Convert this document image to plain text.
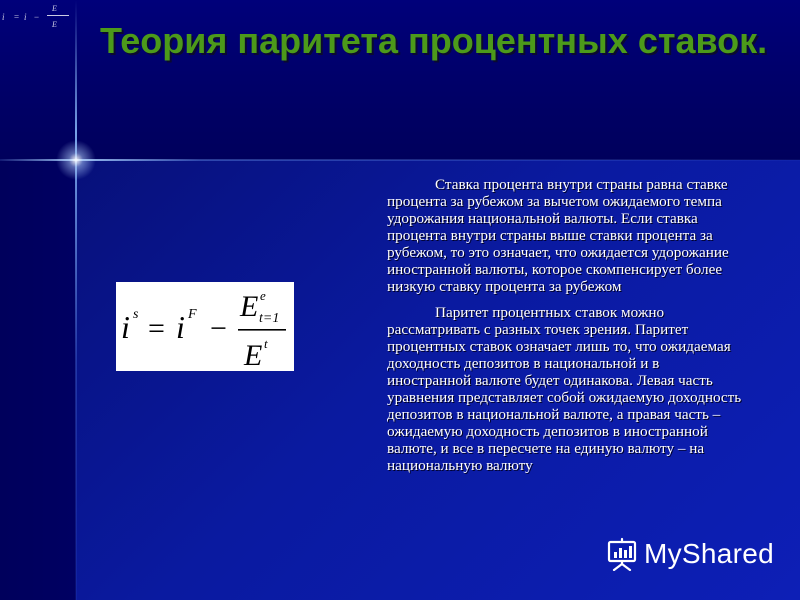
i = i −
E
E Теория паритета процентных ставок.
i s = i F −
E e
t=1
E t

Ставка процента внутри страны равна ставке процента за рубежом за вычетом ожидаемого темпа удорожания национальной валюты. Если ставка процента внутри страны выше ставки процента за рубежом, то это означает, что ожидается удорожание иностранной валюты, которое скомпенсирует более низкую ставку процента за рубежом

Паритет процентных ставок можно рассматривать с разных точек зрения. Паритет процентных ставок означает лишь то, что ожидаемая доходность депозитов в национальной и в иностранной валюте будет одинакова. Левая часть уравнения представляет собой ожидаемую доходность депозитов в национальной валюте, а правая часть – ожидаемую доходность депозитов в иностранной валюте, и все в пересчете на единую валюту – на национальную валюту

MyShared
